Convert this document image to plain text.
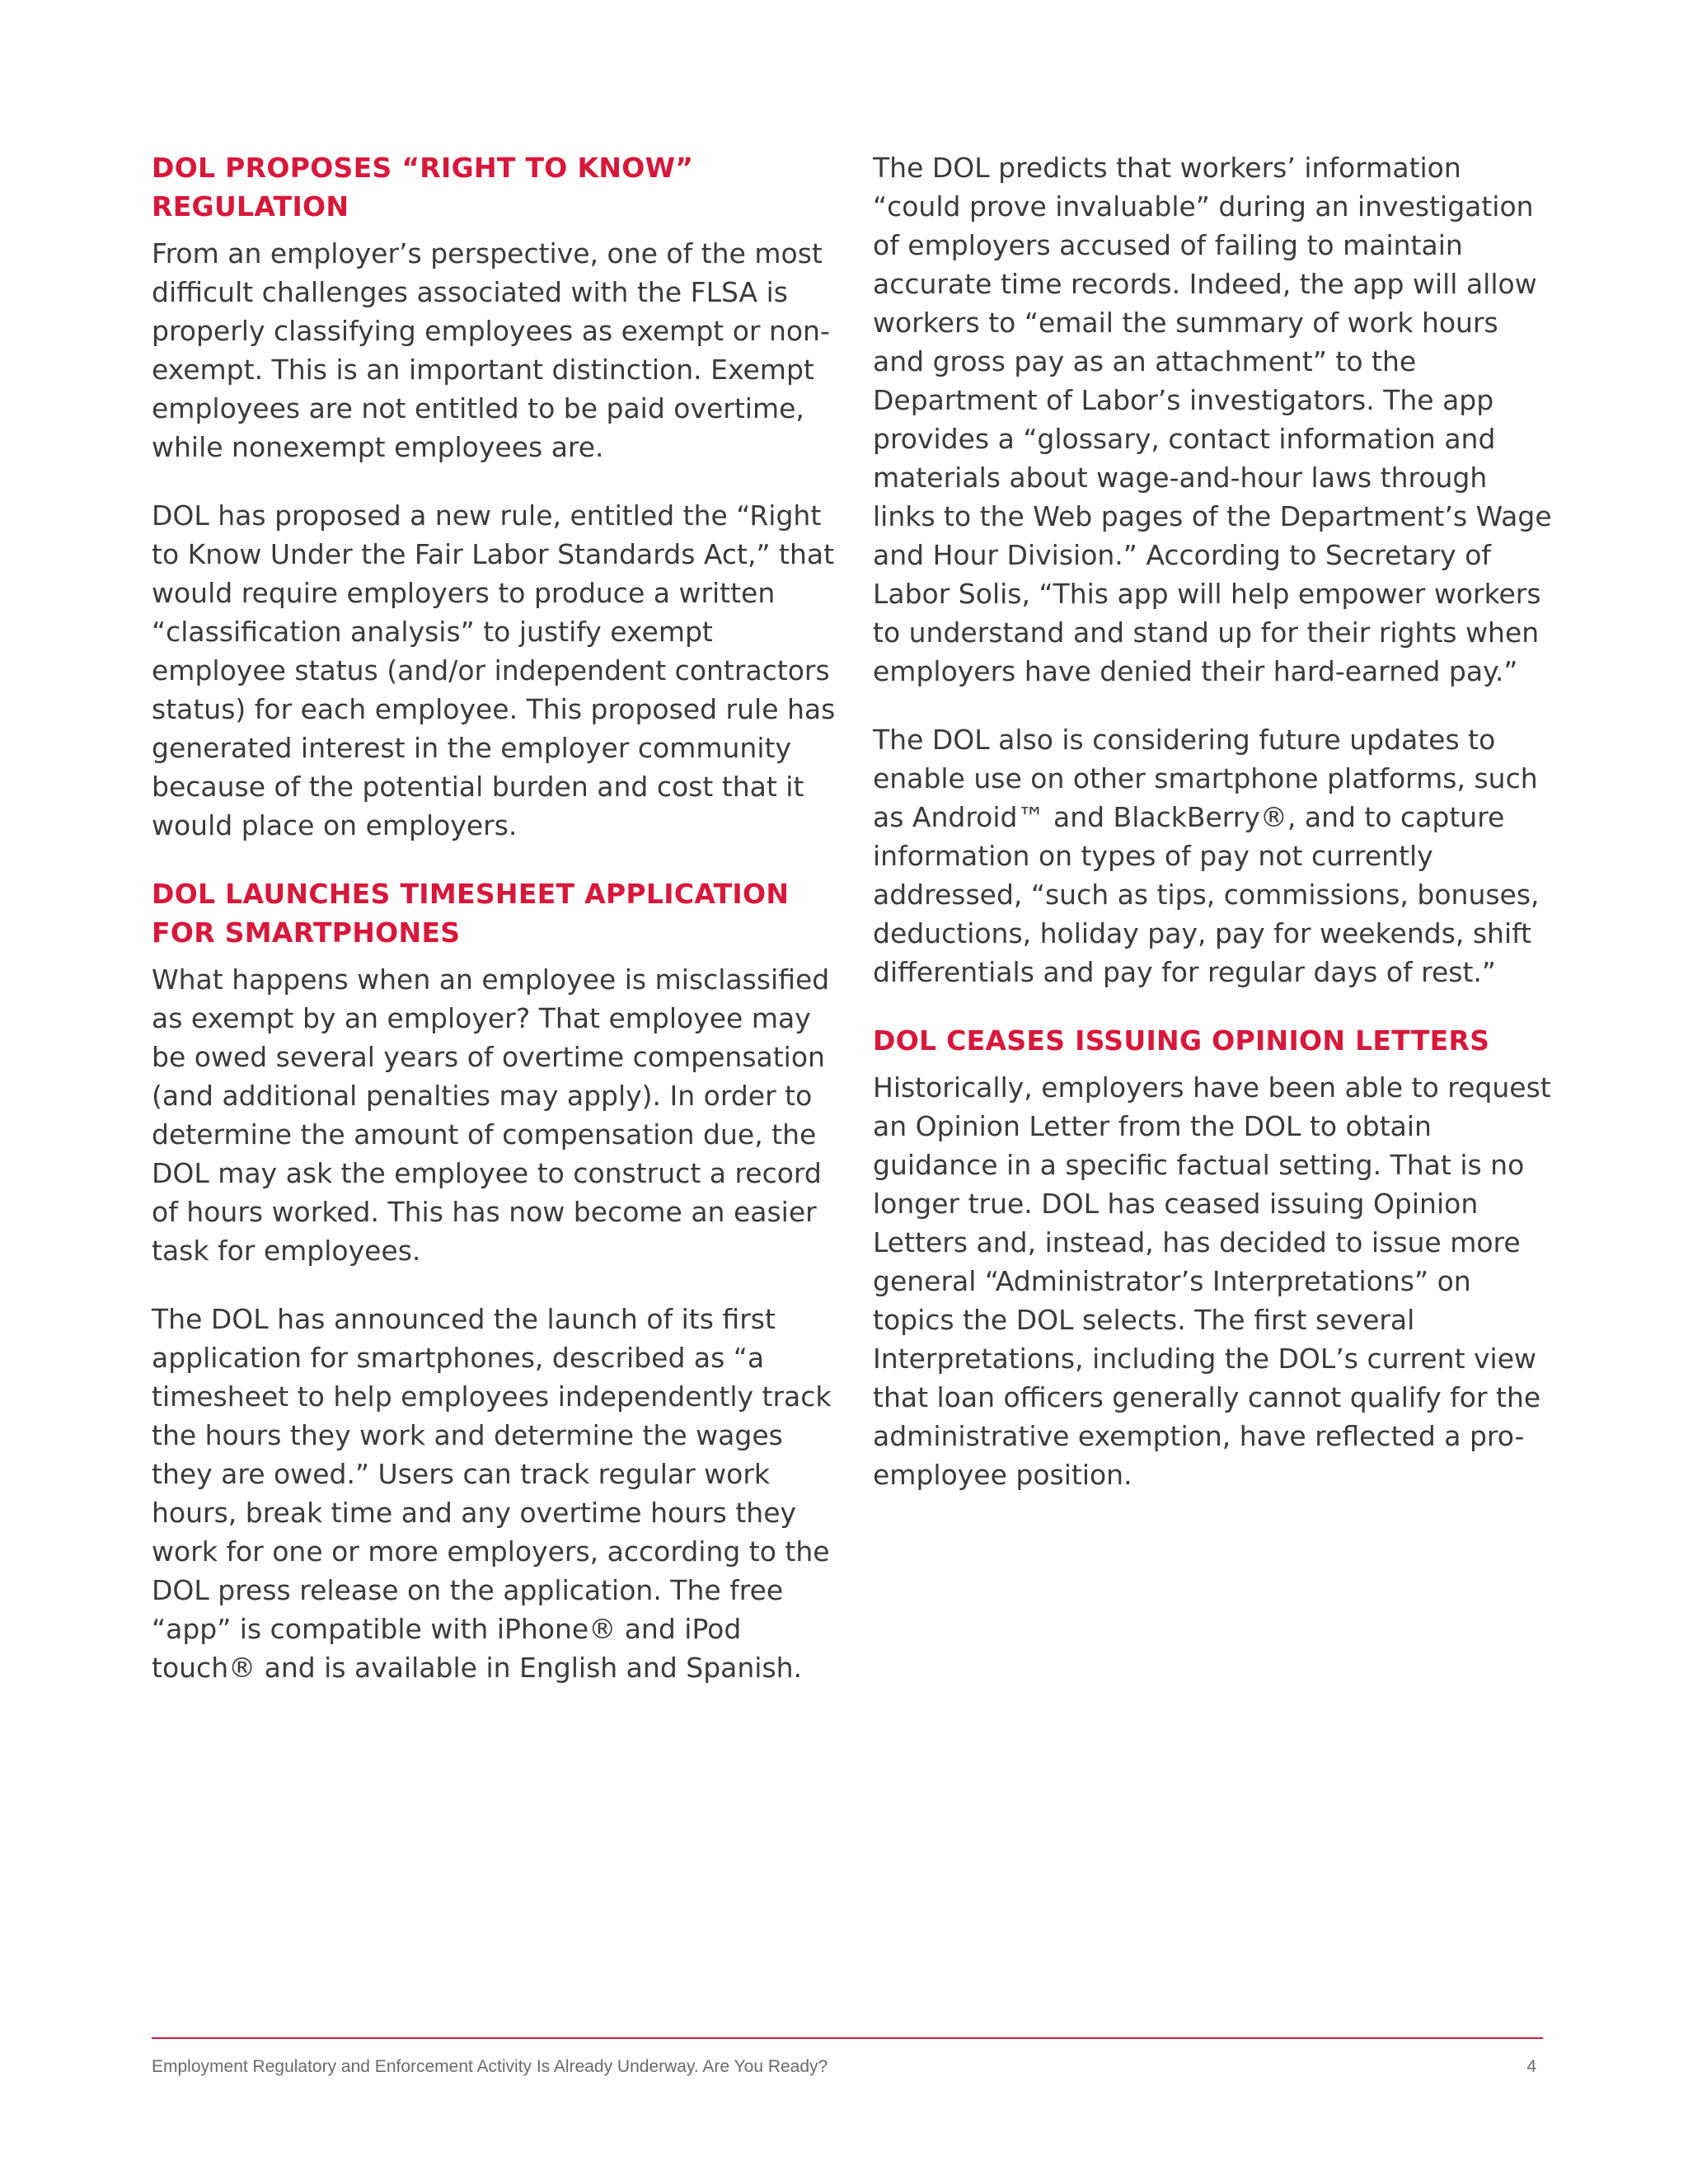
DOL PROPOSES “RIGHT TO KNOW” REGULATION

From an employer’s perspective, one of the most difficult challenges associated with the FLSA is properly classifying employees as exempt or non-exempt. This is an important distinction. Exempt employees are not entitled to be paid overtime, while nonexempt employees are.

DOL has proposed a new rule, entitled the “Right to Know Under the Fair Labor Standards Act,” that would require employers to produce a written “classification analysis” to justify exempt employee status (and/or independent contractors status) for each employee. This proposed rule has generated interest in the employer community because of the potential burden and cost that it would place on employers.

DOL LAUNCHES TIMESHEET APPLICATION FOR SMARTPHONES

What happens when an employee is misclassified as exempt by an employer? That employee may be owed several years of overtime compensation (and additional penalties may apply). In order to determine the amount of compensation due, the DOL may ask the employee to construct a record of hours worked. This has now become an easier task for employees.

The DOL has announced the launch of its first application for smartphones, described as “a timesheet to help employees independently track the hours they work and determine the wages they are owed.” Users can track regular work hours, break time and any overtime hours they work for one or more employers, according to the DOL press release on the application. The free “app” is compatible with iPhone® and iPod touch® and is available in English and Spanish.

The DOL predicts that workers’ information “could prove invaluable” during an investigation of employers accused of failing to maintain accurate time records. Indeed, the app will allow workers to “email the summary of work hours and gross pay as an attachment” to the Department of Labor’s investigators. The app provides a “glossary, contact information and materials about wage-and-hour laws through links to the Web pages of the Department’s Wage and Hour Division.” According to Secretary of Labor Solis, “This app will help empower workers to understand and stand up for their rights when employers have denied their hard-earned pay.”

The DOL also is considering future updates to enable use on other smartphone platforms, such as Android™ and BlackBerry®, and to capture information on types of pay not currently addressed, “such as tips, commissions, bonuses, deductions, holiday pay, pay for weekends, shift differentials and pay for regular days of rest.”

DOL CEASES ISSUING OPINION LETTERS

Historically, employers have been able to request an Opinion Letter from the DOL to obtain guidance in a specific factual setting. That is no longer true. DOL has ceased issuing Opinion Letters and, instead, has decided to issue more general “Administrator’s Interpretations” on topics the DOL selects. The first several Interpretations, including the DOL’s current view that loan officers generally cannot qualify for the administrative exemption, have reflected a pro-employee position.

Employment Regulatory and Enforcement Activity Is Already Underway. Are You Ready?	4
